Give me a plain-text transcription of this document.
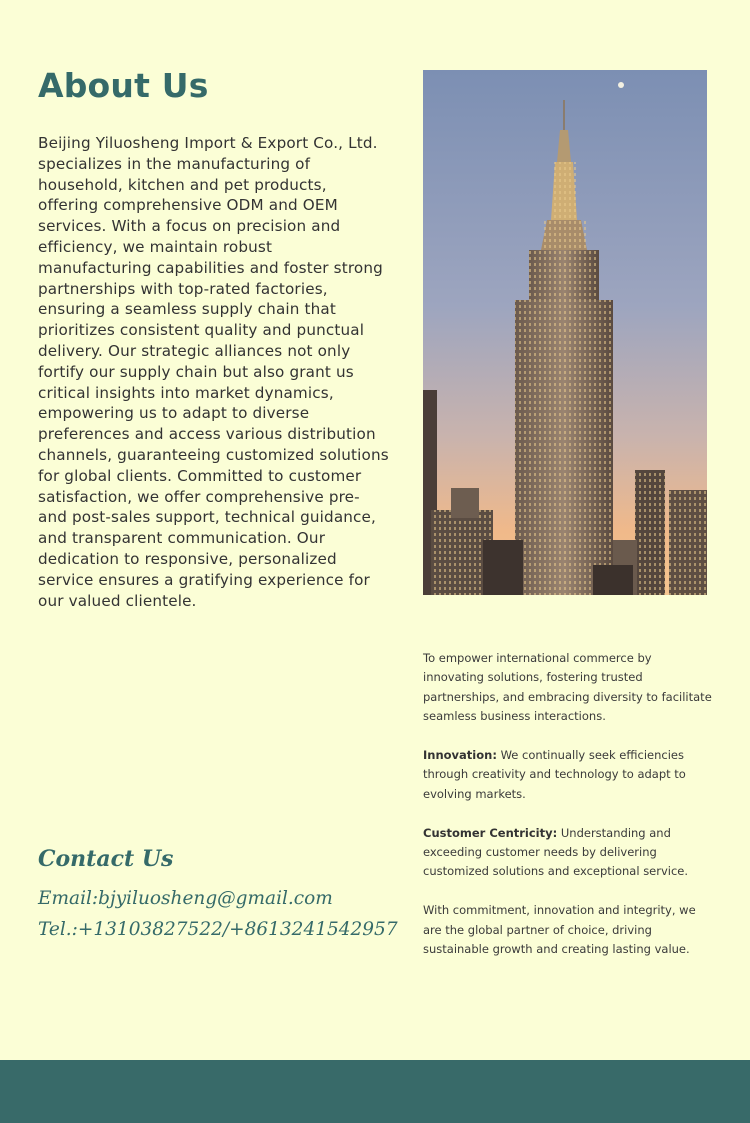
About Us

Beijing Yiluosheng Import & Export Co., Ltd. specializes in the manufacturing of household, kitchen and pet products, offering comprehensive ODM and OEM services. With a focus on precision and efficiency, we maintain robust manufacturing capabilities and foster strong partnerships with top-rated factories, ensuring a seamless supply chain that prioritizes consistent quality and punctual delivery. Our strategic alliances not only fortify our supply chain but also grant us critical insights into market dynamics, empowering us to adapt to diverse preferences and access various distribution channels, guaranteeing customized solutions for global clients. Committed to customer satisfaction, we offer comprehensive pre- and post-sales support, technical guidance, and transparent communication. Our dedication to responsive, personalized service ensures a gratifying experience for our valued clientele.

To empower international commerce by innovating solutions, fostering trusted partnerships, and embracing diversity to facilitate seamless business interactions.

Innovation: We continually seek efficiencies through creativity and technology to adapt to evolving markets.

Customer Centricity: Understanding and exceeding customer needs by delivering customized solutions and exceptional service.

With commitment, innovation and integrity, we are the global partner of choice, driving sustainable growth and creating lasting value.

Contact Us

Email:bjyiluosheng@gmail.com

Tel.:+13103827522/+8613241542957
